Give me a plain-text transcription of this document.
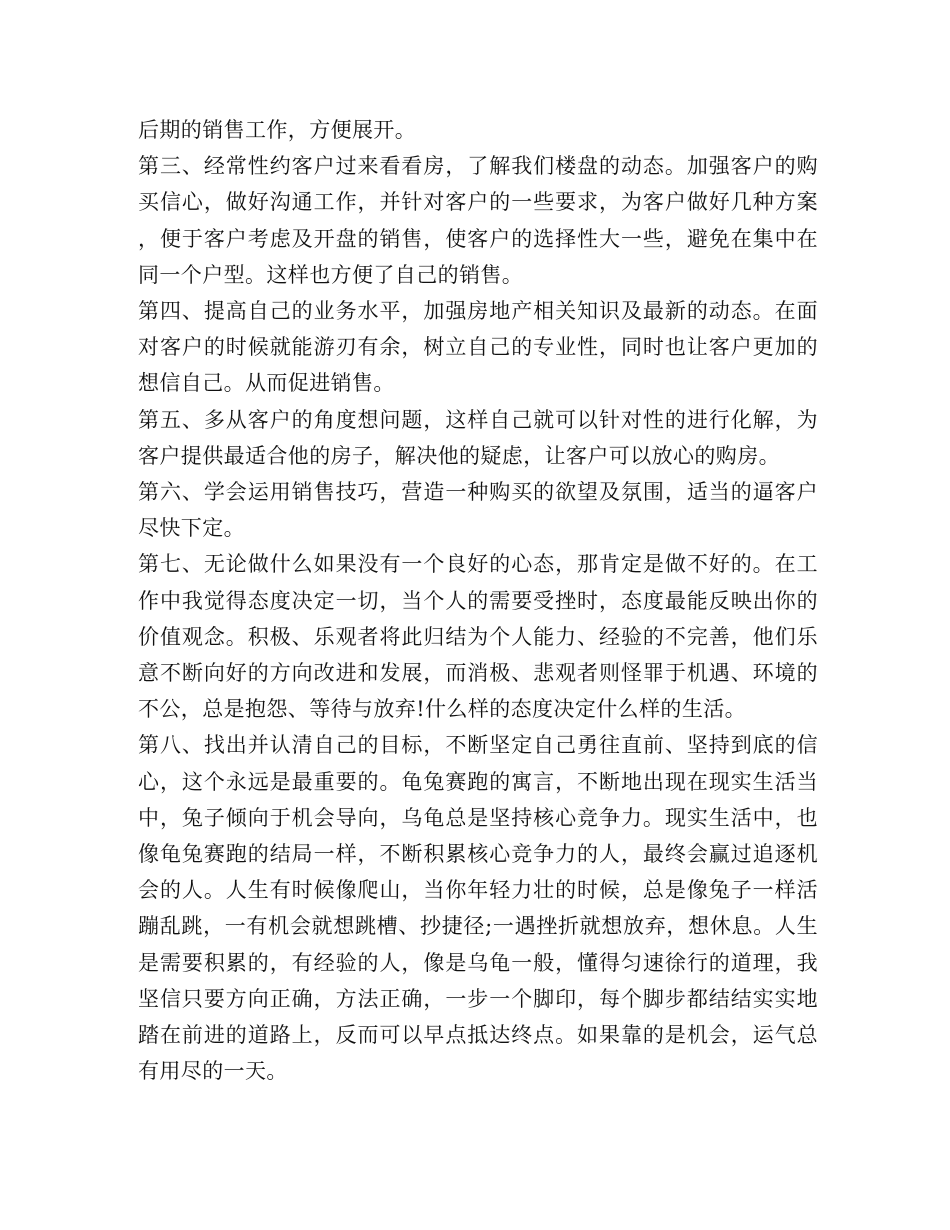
后期的销售工作，方便展开。

第三、经常性约客户过来看看房，了解我们楼盘的动态。加强客户的购买信心，做好沟通工作，并针对客户的一些要求，为客户做好几种方案，便于客户考虑及开盘的销售，使客户的选择性大一些，避免在集中在同一个户型。这样也方便了自己的销售。

第四、提高自己的业务水平，加强房地产相关知识及最新的动态。在面对客户的时候就能游刃有余，树立自己的专业性，同时也让客户更加的想信自己。从而促进销售。

第五、多从客户的角度想问题，这样自己就可以针对性的进行化解，为客户提供最适合他的房子，解决他的疑虑，让客户可以放心的购房。

第六、学会运用销售技巧，营造一种购买的欲望及氛围，适当的逼客户尽快下定。

第七、无论做什么如果没有一个良好的心态，那肯定是做不好的。在工作中我觉得态度决定一切，当个人的需要受挫时，态度最能反映出你的价值观念。积极、乐观者将此归结为个人能力、经验的不完善，他们乐意不断向好的方向改进和发展，而消极、悲观者则怪罪于机遇、环境的不公，总是抱怨、等待与放弃!什么样的态度决定什么样的生活。

第八、找出并认清自己的目标，不断坚定自己勇往直前、坚持到底的信心，这个永远是最重要的。龟兔赛跑的寓言，不断地出现在现实生活当中，兔子倾向于机会导向，乌龟总是坚持核心竞争力。现实生活中，也像龟兔赛跑的结局一样，不断积累核心竞争力的人，最终会赢过追逐机会的人。人生有时候像爬山，当你年轻力壮的时候，总是像兔子一样活蹦乱跳，一有机会就想跳槽、抄捷径;一遇挫折就想放弃，想休息。人生是需要积累的，有经验的人，像是乌龟一般，懂得匀速徐行的道理，我坚信只要方向正确，方法正确，一步一个脚印，每个脚步都结结实实地踏在前进的道路上，反而可以早点抵达终点。如果靠的是机会，运气总有用尽的一天。
